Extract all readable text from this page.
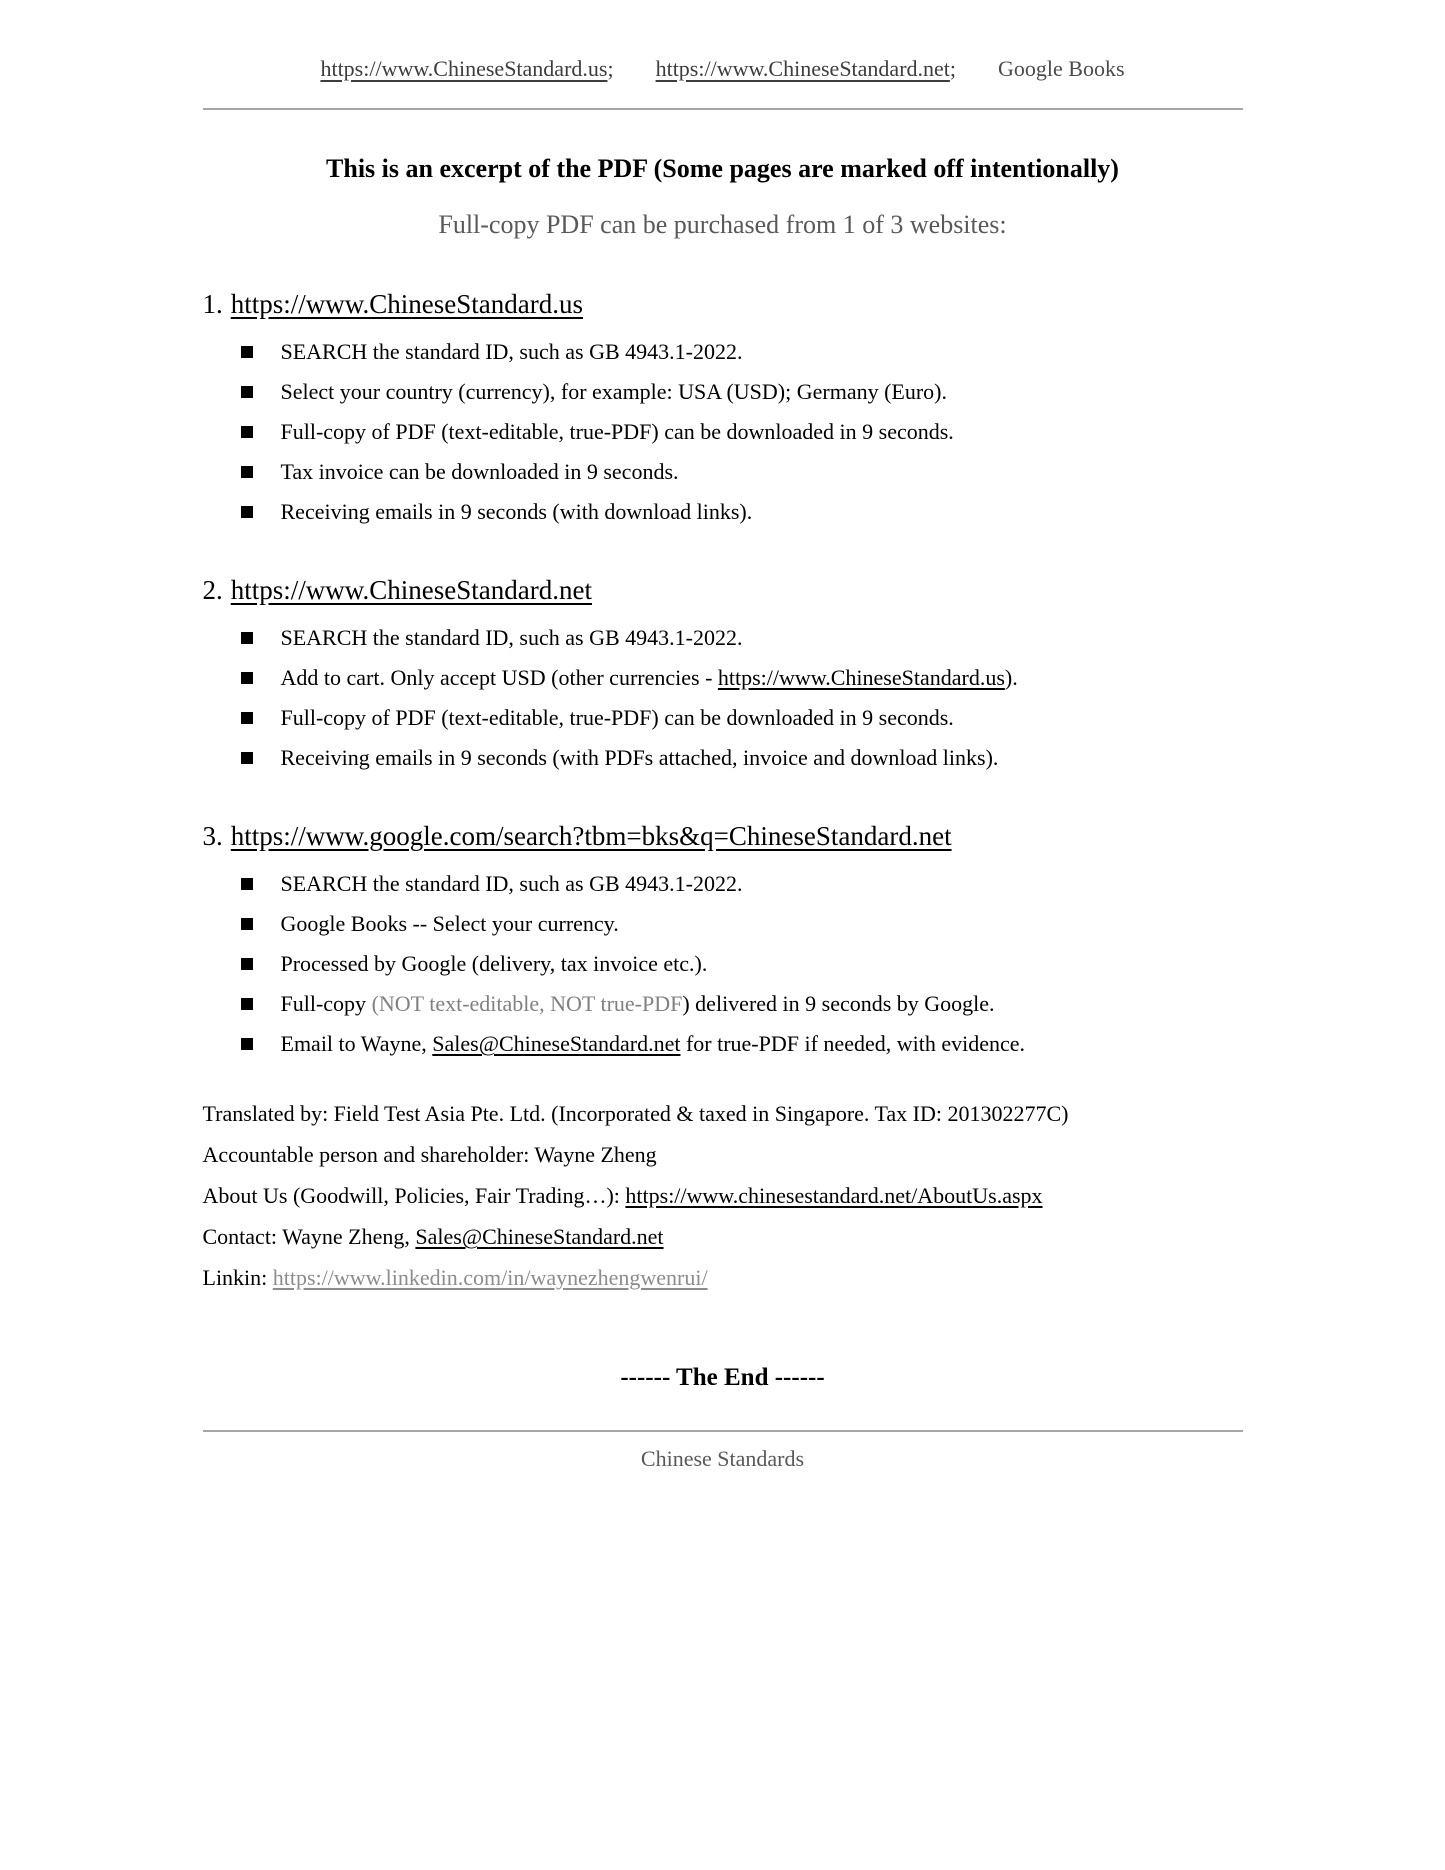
https://www.ChineseStandard.us; https://www.ChineseStandard.net; Google Books
This is an excerpt of the PDF (Some pages are marked off intentionally)
Full-copy PDF can be purchased from 1 of 3 websites:
1. https://www.ChineseStandard.us
SEARCH the standard ID, such as GB 4943.1-2022.
Select your country (currency), for example: USA (USD); Germany (Euro).
Full-copy of PDF (text-editable, true-PDF) can be downloaded in 9 seconds.
Tax invoice can be downloaded in 9 seconds.
Receiving emails in 9 seconds (with download links).
2. https://www.ChineseStandard.net
SEARCH the standard ID, such as GB 4943.1-2022.
Add to cart. Only accept USD (other currencies - https://www.ChineseStandard.us).
Full-copy of PDF (text-editable, true-PDF) can be downloaded in 9 seconds.
Receiving emails in 9 seconds (with PDFs attached, invoice and download links).
3. https://www.google.com/search?tbm=bks&q=ChineseStandard.net
SEARCH the standard ID, such as GB 4943.1-2022.
Google Books -- Select your currency.
Processed by Google (delivery, tax invoice etc.).
Full-copy (NOT text-editable, NOT true-PDF) delivered in 9 seconds by Google.
Email to Wayne, Sales@ChineseStandard.net for true-PDF if needed, with evidence.
Translated by: Field Test Asia Pte. Ltd. (Incorporated & taxed in Singapore. Tax ID: 201302277C)
Accountable person and shareholder: Wayne Zheng
About Us (Goodwill, Policies, Fair Trading…): https://www.chinesestandard.net/AboutUs.aspx
Contact: Wayne Zheng, Sales@ChineseStandard.net
Linkin: https://www.linkedin.com/in/waynezhengwenrui/
------ The End ------
Chinese Standards
